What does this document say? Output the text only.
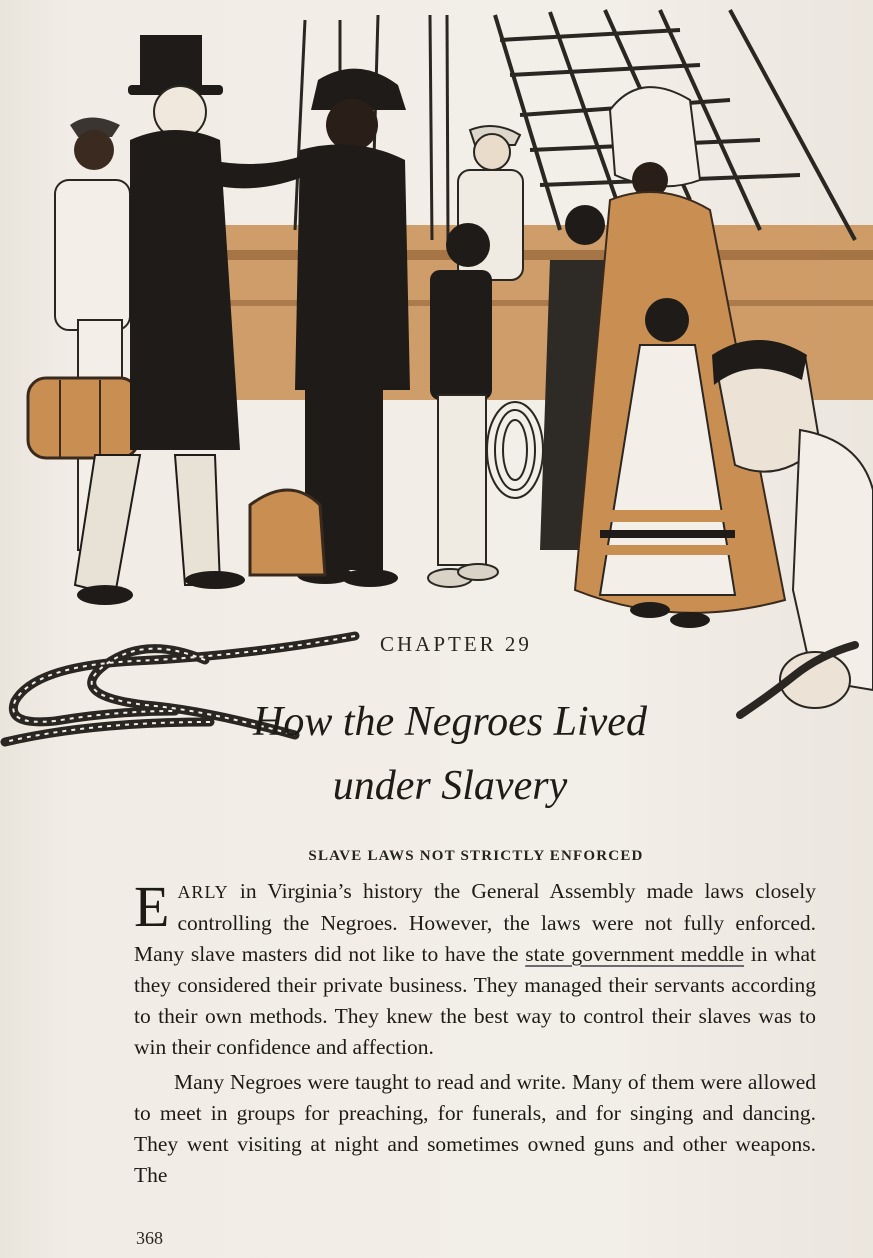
CHAPTER 29
How the Negroes Lived
under Slavery
SLAVE LAWS NOT STRICTLY ENFORCED

EARLY in Virginia’s history the General Assembly made laws closely controlling the Negroes. However, the laws were not fully enforced. Many slave masters did not like to have the state government meddle in what they considered their private business. They managed their servants according to their own methods. They knew the best way to control their slaves was to win their confidence and affection.

Many Negroes were taught to read and write. Many of them were allowed to meet in groups for preaching, for funerals, and for singing and dancing. They went visiting at night and sometimes owned guns and other weapons. The

368
